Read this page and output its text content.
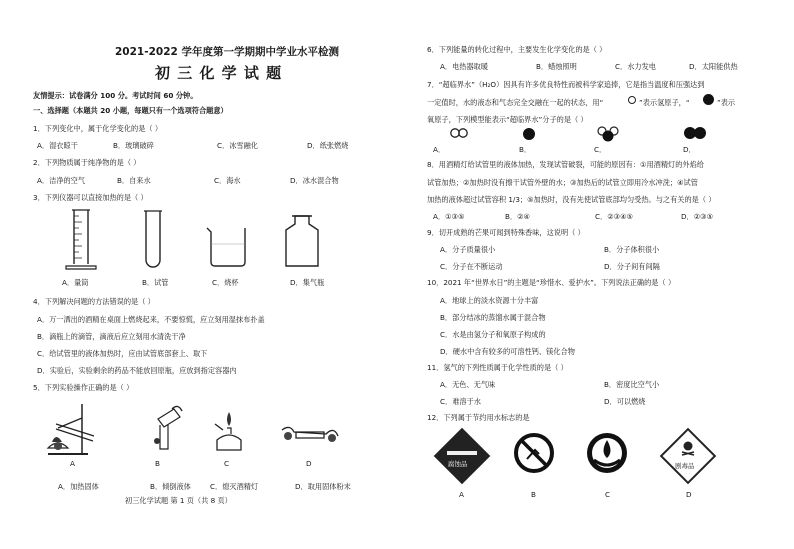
2021-2022 学年度第一学期期中学业水平检测
初 三 化 学 试 题
友情提示：试卷满分 100 分。考试时间 60 分钟。
一、选择题（本题共 20 小题，每题只有一个选项符合题意）
1．下列变化中，属于化学变化的是（ ）
A．湿衣晾干	B．玻璃破碎	C．冰雪融化	D．纸张燃烧
2．下列物质属于纯净物的是（ ）
A．洁净的空气	B．自来水	C．海水	D．冰水混合物
3．下列仪器可以直接加热的是（ ）
A．量筒	B．试管	C．烧杯	D．集气瓶
4．下列解决问题的方法错误的是（ ）
A．万一洒出的酒精在桌面上燃烧起来，不要惊慌，应立刻用湿抹布扑盖
B．滴瓶上的滴管，滴液后应立刻用水清洗干净
C．给试管里的液体加热时，应由试管底部套上、取下
D．实验后，实验剩余的药品不能放回原瓶，应放到指定容器内
5．下列实验操作正确的是（ ）
A	B	C	D
A．加热固体	B．倾倒液体	C．熄灭酒精灯	D．取用固体粉末
初三化学试题 第 1 页（共 8 页）
6．下列能量的转化过程中，主要发生化学变化的是（ ）
A．电热器取暖	B．蜡烛照明	C．水力发电	D．太阳能供热
7．“超临界水”（H₂O）因具有许多优良特性而被科学家追捧，它是指当温度和压强达到
一定值时，水的液态和气态完全交融在一起的状态，用“	”表示氢原子，“	”表示
氧原子，下列模型能表示“超临界水”分子的是（ ）
A．	B．	C．	D．
8．用酒精灯给试管里的液体加热，发现试管破裂，可能的原因有：①用酒精灯的外焰给
试管加热；②加热时没有擦干试管外壁的水；③加热后的试管立即用冷水冲洗；④试管
加热的液体超过试管容积 1/3；⑤加热时，没有先使试管底部均匀受热。与之有关的是（ ）
A．①③⑤	B．②④	C．②③④⑤	D．②③⑤
9．切开成熟的芒果可闻到特殊香味，这说明（ ）
A．分子质量很小	B．分子体积很小
C．分子在不断运动	D．分子间有间隔
10．2021 年“世界水日”的主题是“珍惜水、爱护水”。下列说法正确的是（ ）
A．地球上的淡水资源十分丰富
B．部分结冰的蒸馏水属于混合物
C．水是由氢分子和氧原子构成的
D．硬水中含有较多的可溶性钙、镁化合物
11．氢气的下列性质属于化学性质的是（ ）
A．无色、无气味	B．密度比空气小
C．难溶于水	D．可以燃烧
12．下列属于节约用水标志的是
腐蚀品	剧毒品
A	B	C	D
